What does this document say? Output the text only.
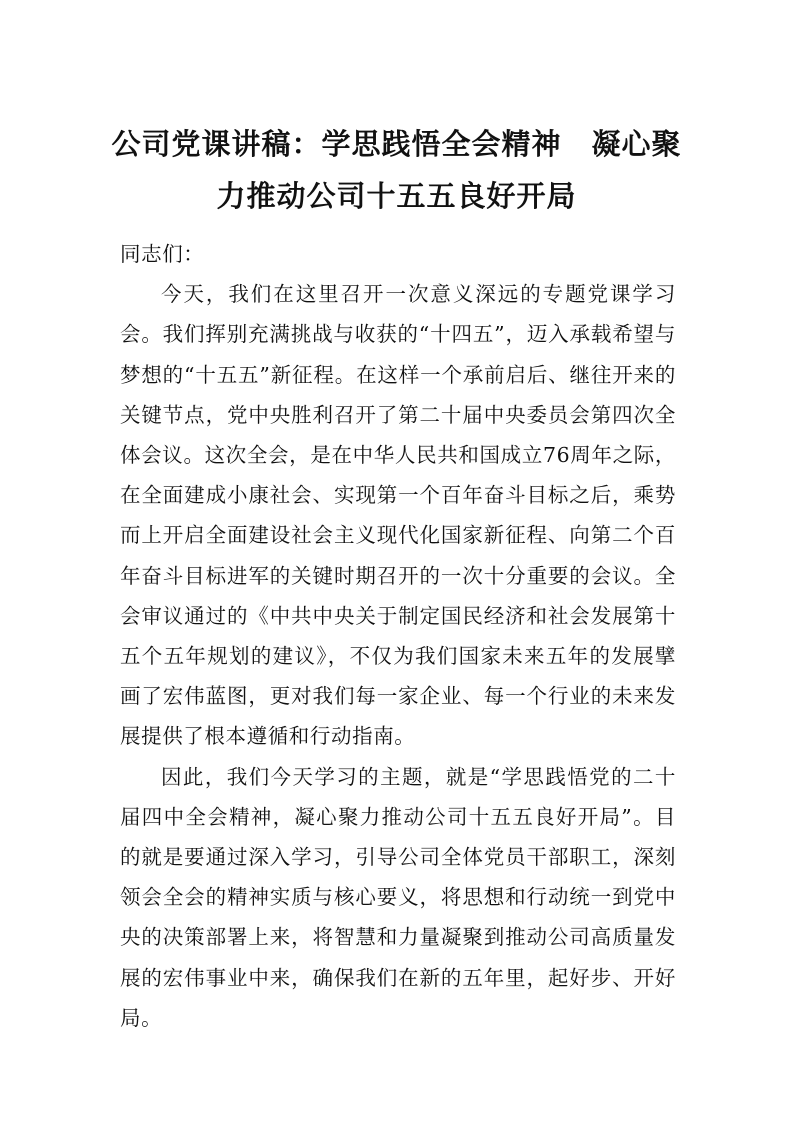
公司党课讲稿：学思践悟全会精神　凝心聚
力推动公司十五五良好开局

同志们：

今天，我们在这里召开一次意义深远的专题党课学习会。我们挥别充满挑战与收获的“十四五”，迈入承载希望与梦想的“十五五”新征程。在这样一个承前启后、继往开来的关键节点，党中央胜利召开了第二十届中央委员会第四次全体会议。这次全会，是在中华人民共和国成立76周年之际，在全面建成小康社会、实现第一个百年奋斗目标之后，乘势而上开启全面建设社会主义现代化国家新征程、向第二个百年奋斗目标进军的关键时期召开的一次十分重要的会议。全会审议通过的《中共中央关于制定国民经济和社会发展第十五个五年规划的建议》，不仅为我们国家未来五年的发展擘画了宏伟蓝图，更对我们每一家企业、每一个行业的未来发展提供了根本遵循和行动指南。

因此，我们今天学习的主题，就是“学思践悟党的二十届四中全会精神，凝心聚力推动公司十五五良好开局”。目的就是要通过深入学习，引导公司全体党员干部职工，深刻领会全会的精神实质与核心要义，将思想和行动统一到党中央的决策部署上来，将智慧和力量凝聚到推动公司高质量发展的宏伟事业中来，确保我们在新的五年里，起好步、开好局。
